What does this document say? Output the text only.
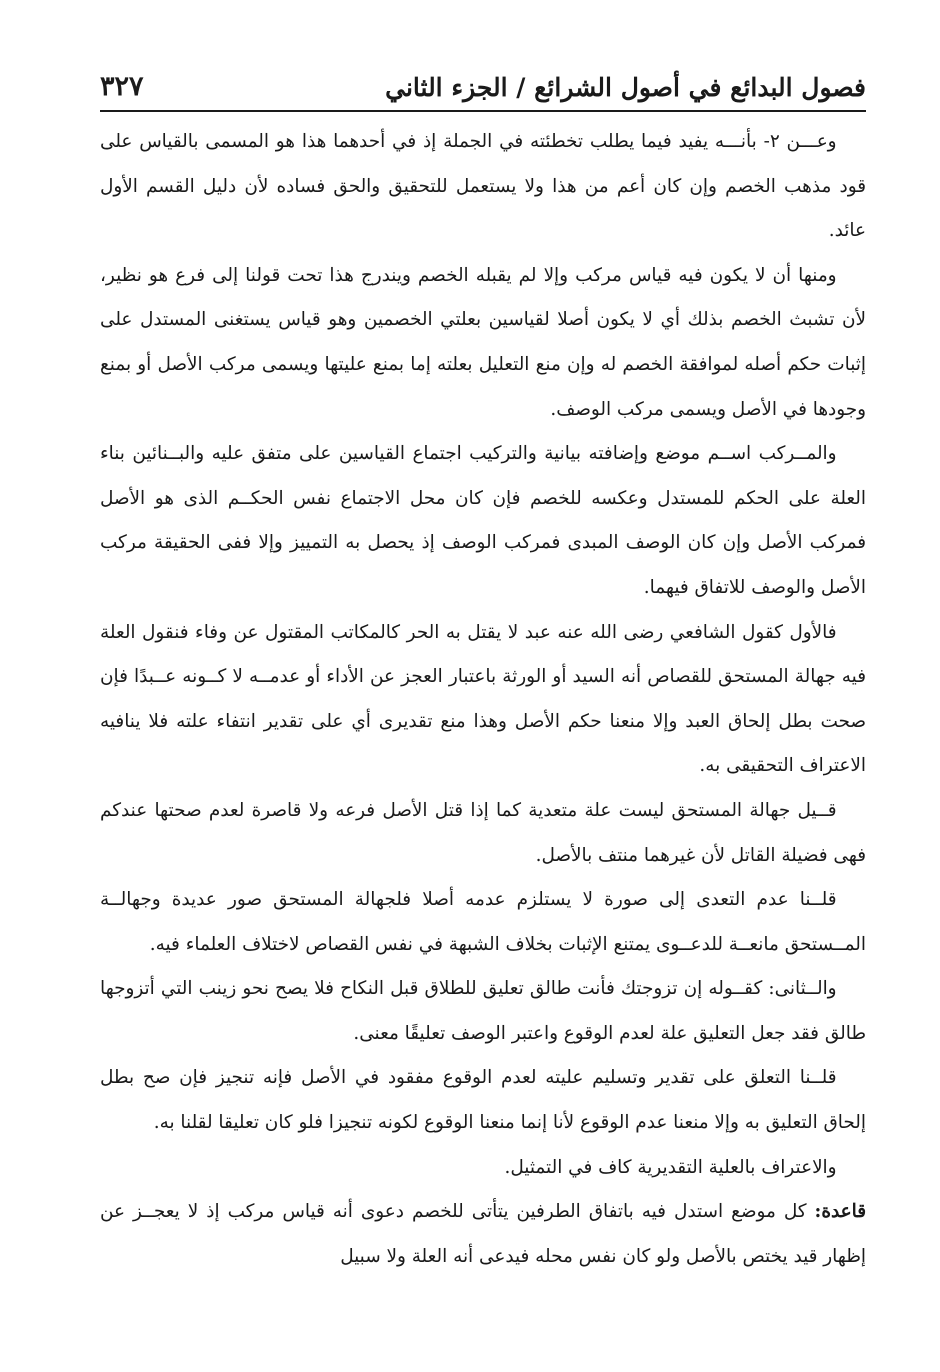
فصول البدائع في أصول الشرائع / الجزء الثاني
٣٢٧

وعـــن ٢- بأنـــه يفيد فيما يطلب تخطئته في الجملة إذ في أحدهما هذا هو المسمى بالقياس على قود مذهب الخصم وإن كان أعم من هذا ولا يستعمل للتحقيق والحق فساده لأن دليل القسم الأول عائد.

ومنها أن لا يكون فيه قياس مركب وإلا لم يقبله الخصم ويندرج هذا تحت قولنا إلى فرع هو نظير، لأن تشبث الخصم بذلك أي لا يكون أصلا لقياسين بعلتي الخصمين وهو قياس يستغنى المستدل على إثبات حكم أصله لموافقة الخصم له وإن منع التعليل بعلته إما بمنع عليتها ويسمى مركب الأصل أو بمنع وجودها في الأصل ويسمى مركب الوصف.

والمــركب اســم موضع وإضافته بيانية والتركيب اجتماع القياسين على متفق عليه والبــنائين بناء العلة على الحكم للمستدل وعكسه للخصم فإن كان محل الاجتماع نفس الحكــم الذى هو الأصل فمركب الأصل وإن كان الوصف المبدى فمركب الوصف إذ يحصل به التمييز وإلا ففى الحقيقة مركب الأصل والوصف للاتفاق فيهما.

فالأول كقول الشافعي رضى الله عنه عبد لا يقتل به الحر كالمكاتب المقتول عن وفاء فنقول العلة فيه جهالة المستحق للقصاص أنه السيد أو الورثة باعتبار العجز عن الأداء أو عدمــه لا كــونه عــبدًا فإن صحت بطل إلحاق العبد وإلا منعنا حكم الأصل وهذا منع تقديرى أي على تقدير انتفاء علته فلا ينافيه الاعتراف التحقيقى به.

قــيل جهالة المستحق ليست علة متعدية كما إذا قتل الأصل فرعه ولا قاصرة لعدم صحتها عندكم فهى فضيلة القاتل لأن غيرهما منتف بالأصل.

قلــنا عدم التعدى إلى صورة لا يستلزم عدمه أصلا فلجهالة المستحق صور عديدة وجهالــة المــستحق مانعــة للدعــوى يمتنع الإثبات بخلاف الشبهة في نفس القصاص لاختلاف العلماء فيه.

والــثانى: كقــوله إن تزوجتك فأنت طالق تعليق للطلاق قبل النكاح فلا يصح نحو زينب التي أتزوجها طالق فقد جعل التعليق علة لعدم الوقوع واعتبر الوصف تعليقًا معنى.

قلــنا التعلق على تقدير وتسليم عليته لعدم الوقوع مفقود في الأصل فإنه تنجيز فإن صح بطل إلحاق التعليق به وإلا منعنا عدم الوقوع لأنا إنما منعنا الوقوع لكونه تنجيزا فلو كان تعليقا لقلنا به.

والاعتراف بالعلية التقديرية كاف في التمثيل.

قاعدة: كل موضع استدل فيه باتفاق الطرفين يتأتى للخصم دعوى أنه قياس مركب إذ لا يعجــز عن إظهار قيد يختص بالأصل ولو كان نفس محله فيدعى أنه العلة ولا سبيل
